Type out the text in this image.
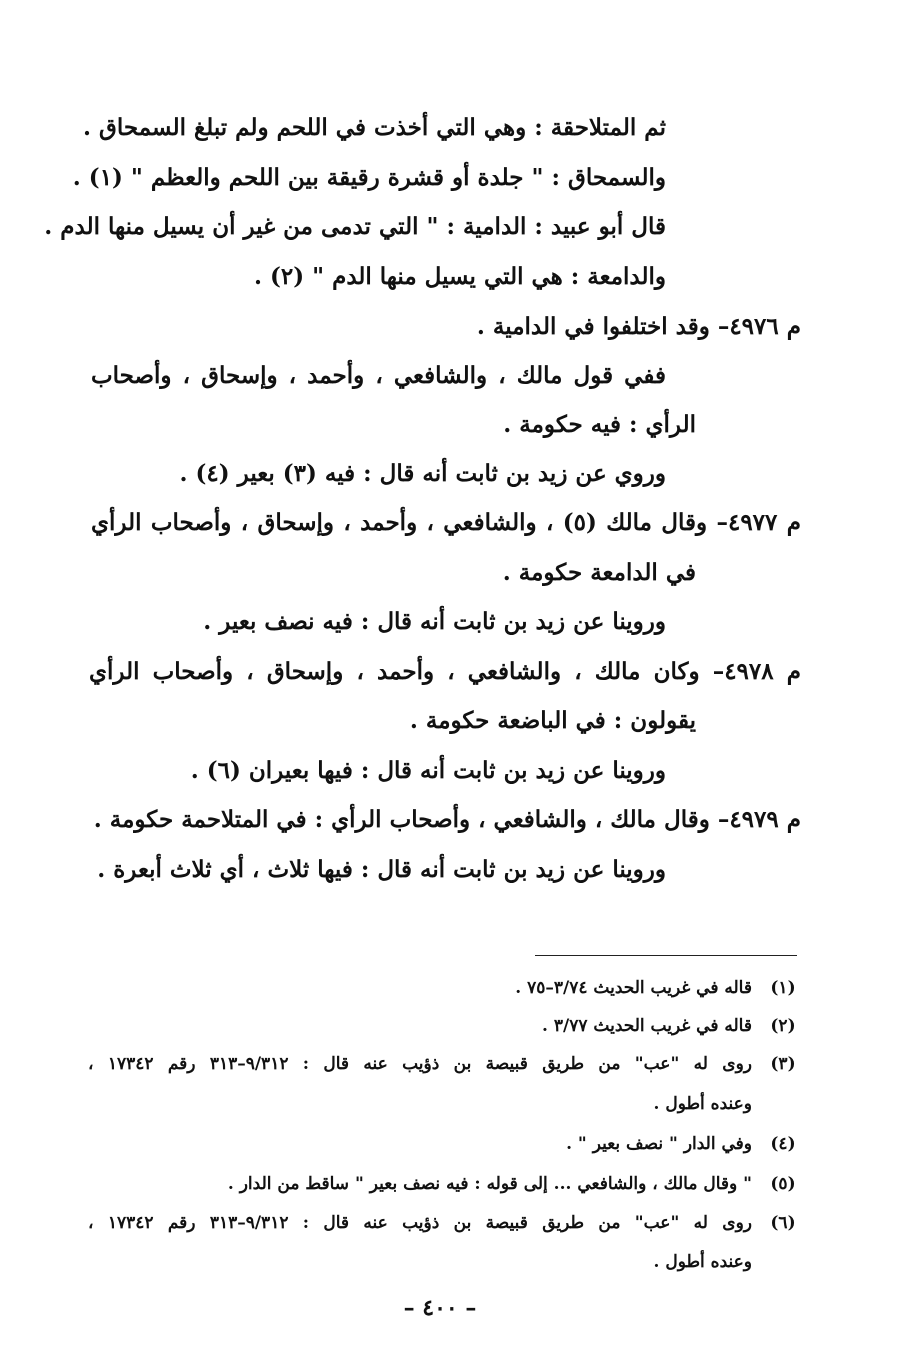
ثم المتلاحقة : وهي التي أخذت في اللحم ولم تبلغ السمحاق .
والسمحاق : " جلدة أو قشرة رقيقة بين اللحم والعظم " (١) .
قال أبو عبيد : الدامية : " التي تدمى من غير أن يسيل منها الدم .
والدامعة : هي التي يسيل منها الدم " (٢) .
م ٤٩٧٦– وقد اختلفوا في الدامية .
ففي قول مالك ، والشافعي ، وأحمد ، وإسحاق ، وأصحاب
الرأي : فيه حكومة .
وروي عن زيد بن ثابت أنه قال : فيه (٣) بعير (٤) .
م ٤٩٧٧– وقال مالك (٥) ، والشافعي ، وأحمد ، وإسحاق ، وأصحاب الرأي
في الدامعة حكومة .
وروينا عن زيد بن ثابت أنه قال : فيه نصف بعير .
م ٤٩٧٨– وكان مالك ، والشافعي ، وأحمد ، وإسحاق ، وأصحاب الرأي
يقولون : في الباضعة حكومة .
وروينا عن زيد بن ثابت أنه قال : فيها بعيران (٦) .
م ٤٩٧٩– وقال مالك ، والشافعي ، وأصحاب الرأي : في المتلاحمة حكومة .
وروينا عن زيد بن ثابت أنه قال : فيها ثلاث ، أي ثلاث أبعرة .
(١)
قاله في غريب الحديث ٣/٧٤–٧٥ .
(٢)
قاله في غريب الحديث ٣/٧٧ .
(٣)
روى له "عب" من طريق قبيصة بن ذؤيب عنه قال : ٩/٣١٢–٣١٣ رقم ١٧٣٤٢ ،
وعنده أطول .
(٤)
وفي الدار " نصف بعير " .
(٥)
" وقال مالك ، والشافعي ... إلى قوله : فيه نصف بعير " ساقط من الدار .
(٦)
روى له "عب" من طريق قبيصة بن ذؤيب عنه قال : ٩/٣١٢–٣١٣ رقم ١٧٣٤٢ ،
وعنده أطول .
– ٤٠٠ –
